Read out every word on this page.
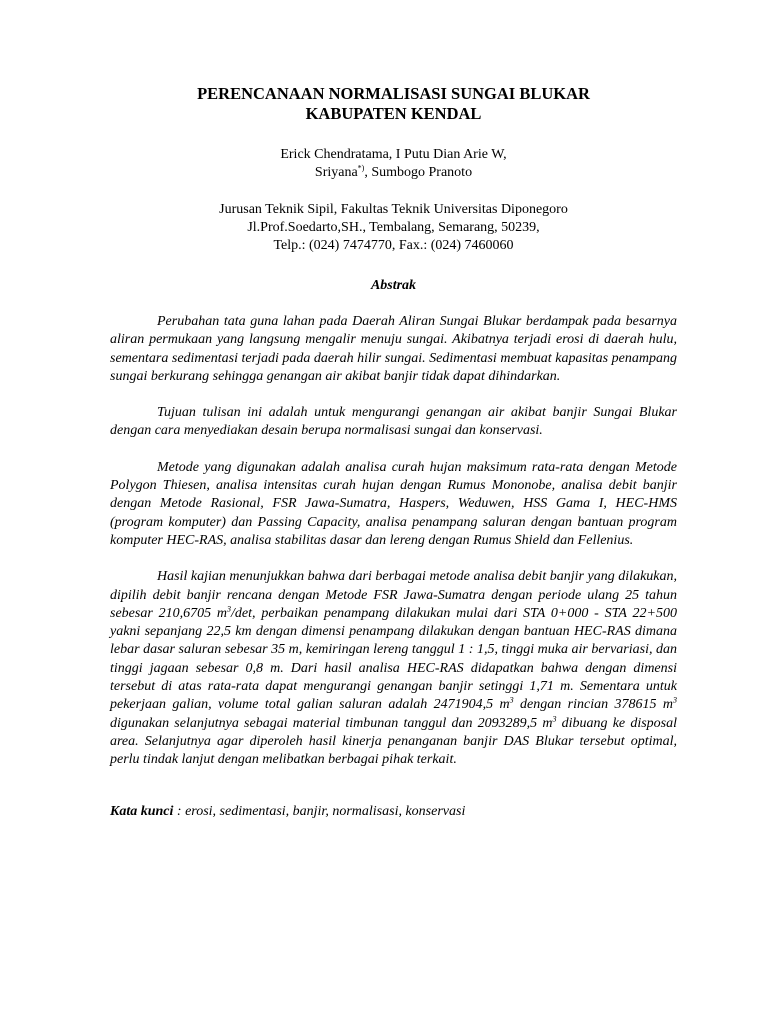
PERENCANAAN NORMALISASI SUNGAI BLUKAR
KABUPATEN KENDAL
Erick Chendratama, I Putu Dian Arie W,
Sriyana*), Sumbogo Pranoto
Jurusan Teknik Sipil, Fakultas Teknik Universitas Diponegoro
Jl.Prof.Soedarto,SH., Tembalang, Semarang, 50239,
Telp.: (024) 7474770, Fax.: (024) 7460060
Abstrak

Perubahan tata guna lahan pada Daerah Aliran Sungai Blukar berdampak pada besarnya aliran permukaan yang langsung mengalir menuju sungai. Akibatnya terjadi erosi di daerah hulu, sementara sedimentasi terjadi pada daerah hilir sungai. Sedimentasi membuat kapasitas penampang sungai berkurang sehingga genangan air akibat banjir tidak dapat dihindarkan.

Tujuan tulisan ini adalah untuk mengurangi genangan air akibat banjir Sungai Blukar dengan cara menyediakan desain berupa normalisasi sungai dan konservasi.

Metode yang digunakan adalah analisa curah hujan maksimum rata-rata dengan Metode Polygon Thiesen, analisa intensitas curah hujan dengan Rumus Mononobe, analisa debit banjir dengan Metode Rasional, FSR Jawa-Sumatra, Haspers, Weduwen, HSS Gama I, HEC-HMS (program komputer) dan Passing Capacity, analisa penampang saluran dengan bantuan program komputer HEC-RAS, analisa stabilitas dasar dan lereng dengan Rumus Shield dan Fellenius.

Hasil kajian menunjukkan bahwa dari berbagai metode analisa debit banjir yang dilakukan, dipilih debit banjir rencana dengan Metode FSR Jawa-Sumatra dengan periode ulang 25 tahun sebesar 210,6705 $m^3/\det$, perbaikan penampang dilakukan mulai dari STA 0+000 - STA 22+500 yakni sepanjang 22,5 km dengan dimensi penampang dilakukan dengan bantuan HEC-RAS dimana lebar dasar saluran sebesar 35 m, kemiringan lereng tanggul 1 : 1,5, tinggi muka air bervariasi, dan tinggi jagaan sebesar 0,8 m. Dari hasil analisa HEC-RAS didapatkan bahwa dengan dimensi tersebut di atas rata-rata dapat mengurangi genangan banjir setinggi 1,71 m. Sementara untuk pekerjaan galian, volume total galian saluran adalah 2471904,5 $m^3$ dengan rincian 378615 $m^3$ digunakan selanjutnya sebagai material timbunan tanggul dan 2093289,5 $m^3$ dibuang ke disposal area. Selanjutnya agar diperoleh hasil kinerja penanganan banjir DAS Blukar tersebut optimal, perlu tindak lanjut dengan melibatkan berbagai pihak terkait.

Kata kunci : erosi, sedimentasi, banjir, normalisasi, konservasi
